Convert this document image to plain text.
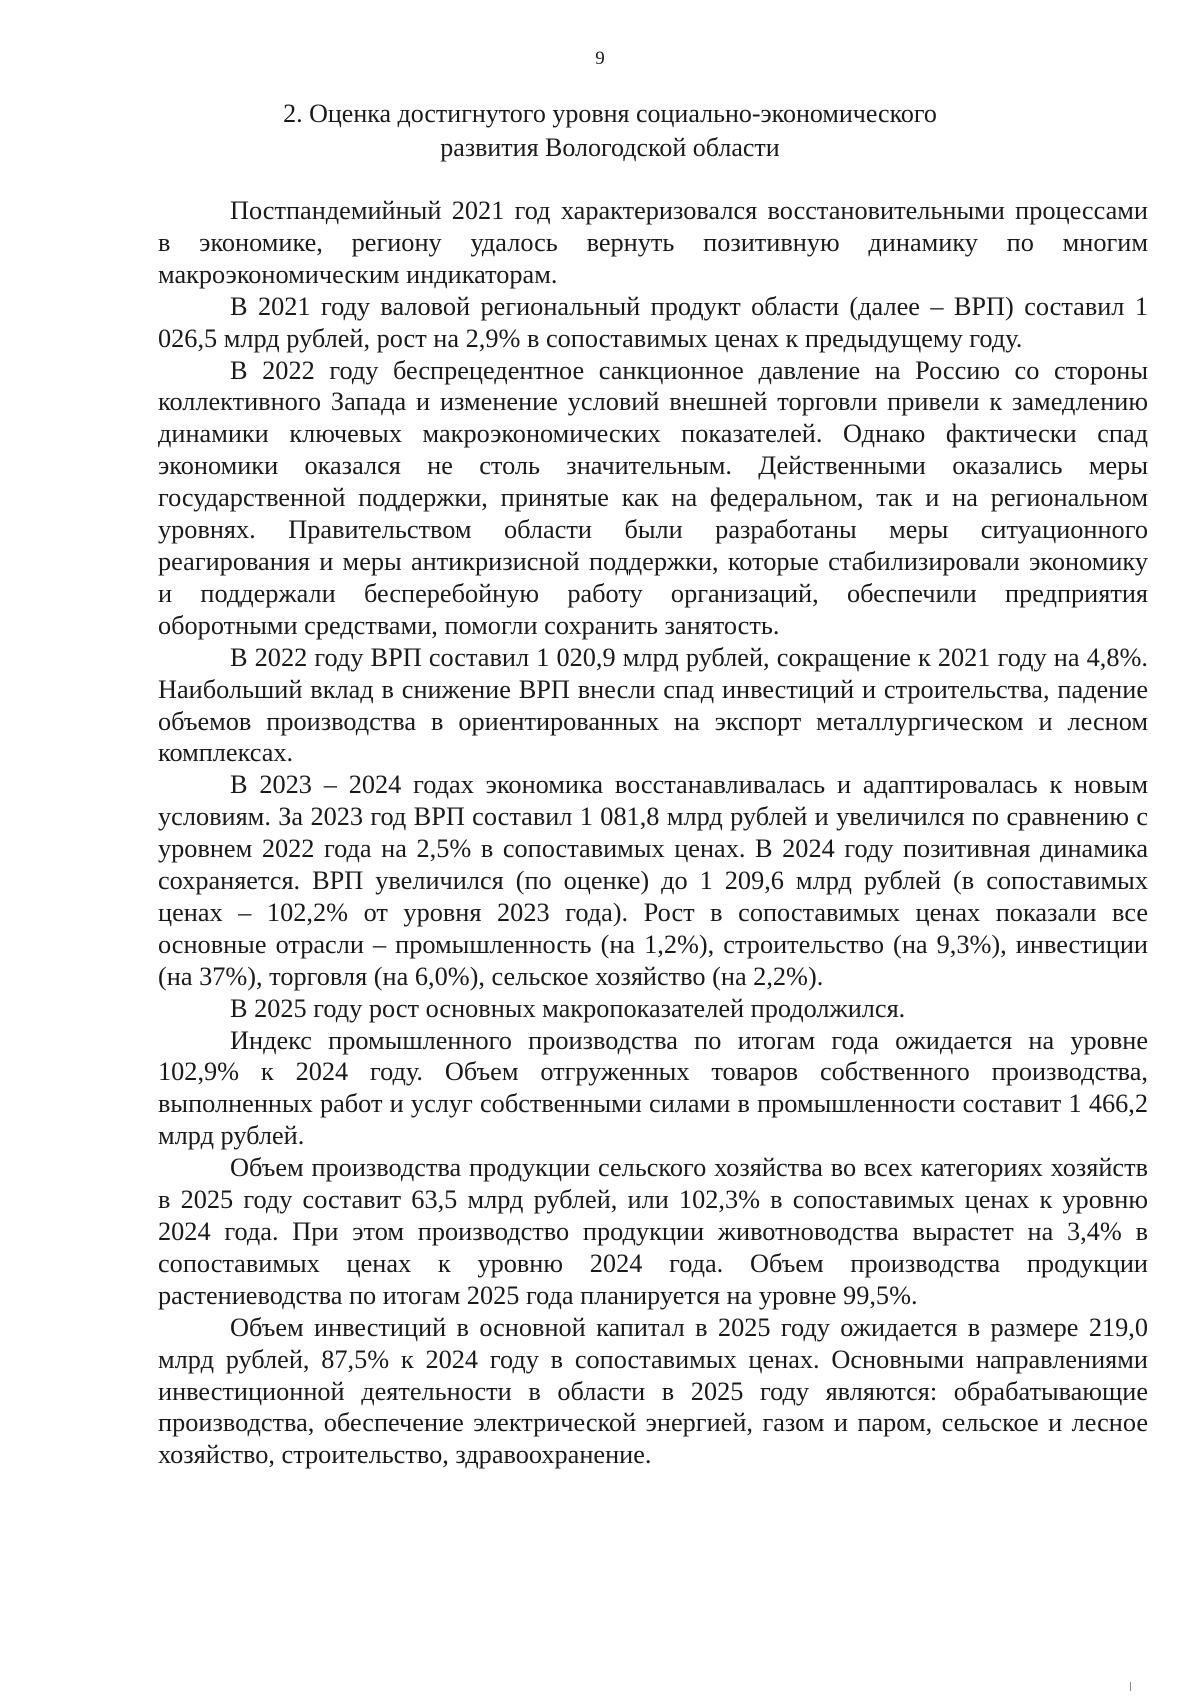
9
2. Оценка достигнутого уровня социально-экономического
развития Вологодской области

Постпандемийный 2021 год характеризовался восстановительными процессами в экономике, региону удалось вернуть позитивную динамику по многим макроэкономическим индикаторам.

В 2021 году валовой региональный продукт области (далее – ВРП) составил 1 026,5 млрд рублей, рост на 2,9% в сопоставимых ценах к предыдущему году.

В 2022 году беспрецедентное санкционное давление на Россию со стороны коллективного Запада и изменение условий внешней торговли привели к замедлению динамики ключевых макроэкономических показателей. Однако фактически спад экономики оказался не столь значительным. Действенными оказались меры государственной поддержки, принятые как на федеральном, так и на региональном уровнях. Правительством области были разработаны меры ситуационного реагирования и меры антикризисной поддержки, которые стабилизировали экономику и поддержали бесперебойную работу организаций, обеспечили предприятия оборотными средствами, помогли сохранить занятость.

В 2022 году ВРП составил 1 020,9 млрд рублей, сокращение к 2021 году на 4,8%. Наибольший вклад в снижение ВРП внесли спад инвестиций и строительства, падение объемов производства в ориентированных на экспорт металлургическом и лесном комплексах.

В 2023 – 2024 годах экономика восстанавливалась и адаптировалась к новым условиям. За 2023 год ВРП составил 1 081,8 млрд рублей и увеличился по сравнению с уровнем 2022 года на 2,5% в сопоставимых ценах. В 2024 году позитивная динамика сохраняется. ВРП увеличился (по оценке) до 1 209,6 млрд рублей (в сопоставимых ценах – 102,2% от уровня 2023 года). Рост в сопоставимых ценах показали все основные отрасли – промышленность (на 1,2%), строительство (на 9,3%), инвестиции (на 37%), торговля (на 6,0%), сельское хозяйство (на 2,2%).

В 2025 году рост основных макропоказателей продолжился.

Индекс промышленного производства по итогам года ожидается на уровне 102,9% к 2024 году. Объем отгруженных товаров собственного производства, выполненных работ и услуг собственными силами в промышленности составит 1 466,2 млрд рублей.

Объем производства продукции сельского хозяйства во всех категориях хозяйств в 2025 году составит 63,5 млрд рублей, или 102,3% в сопоставимых ценах к уровню 2024 года. При этом производство продукции животноводства вырастет на 3,4% в сопоставимых ценах к уровню 2024 года. Объем производства продукции растениеводства по итогам 2025 года планируется на уровне 99,5%.

Объем инвестиций в основной капитал в 2025 году ожидается в размере 219,0 млрд рублей, 87,5% к 2024 году в сопоставимых ценах. Основными направлениями инвестиционной деятельности в области в 2025 году являются: обрабатывающие производства, обеспечение электрической энергией, газом и паром, сельское и лесное хозяйство, строительство, здравоохранение.
